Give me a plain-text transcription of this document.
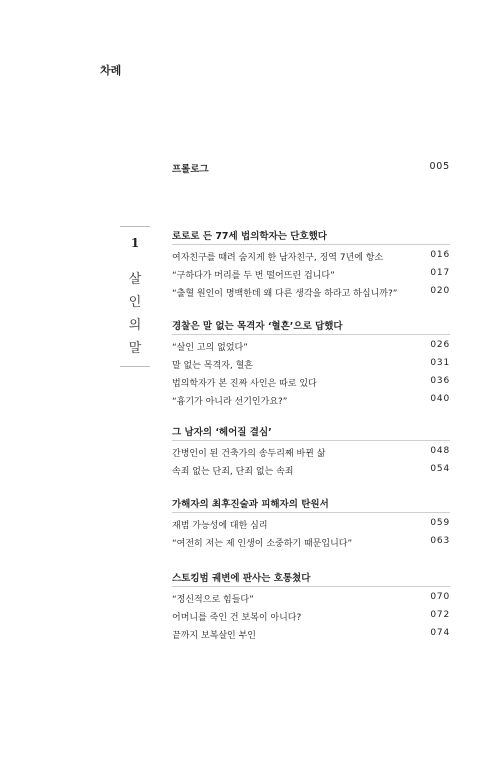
차례
프롤로그	005
1
살
인
의
말
로로로 든 77세 법의학자는 단호했다
여자친구를 때려 숨지게 한 남자친구, 징역 7년에 항소	016
“구하다가 머리를 두 번 떨어뜨린 겁니다”	017
“출혈 원인이 명백한데 왜 다른 생각을 하라고 하십니까?”	020
경찰은 말 없는 목격자 ‘혈흔’으로 답했다
“살인 고의 없었다”	026
말 없는 목격자, 혈흔	031
법의학자가 본 진짜 사인은 따로 있다	036
“흉기가 아니라 선기인가요?”	040
그 남자의 ‘헤어질 결심’
간병인이 된 건축가의 송두리째 바뀐 삶	048
속죄 없는 단죄, 단죄 없는 속죄	054
가해자의 최후진술과 피해자의 탄원서
재범 가능성에 대한 심리	059
“여전히 저는 제 인생이 소중하기 때문입니다”	063
스토킹범 궤변에 판사는 호통쳤다
“정신적으로 힘들다”	070
어머니를 죽인 건 보복이 아니다?	072
끝까지 보복살인 부인	074
